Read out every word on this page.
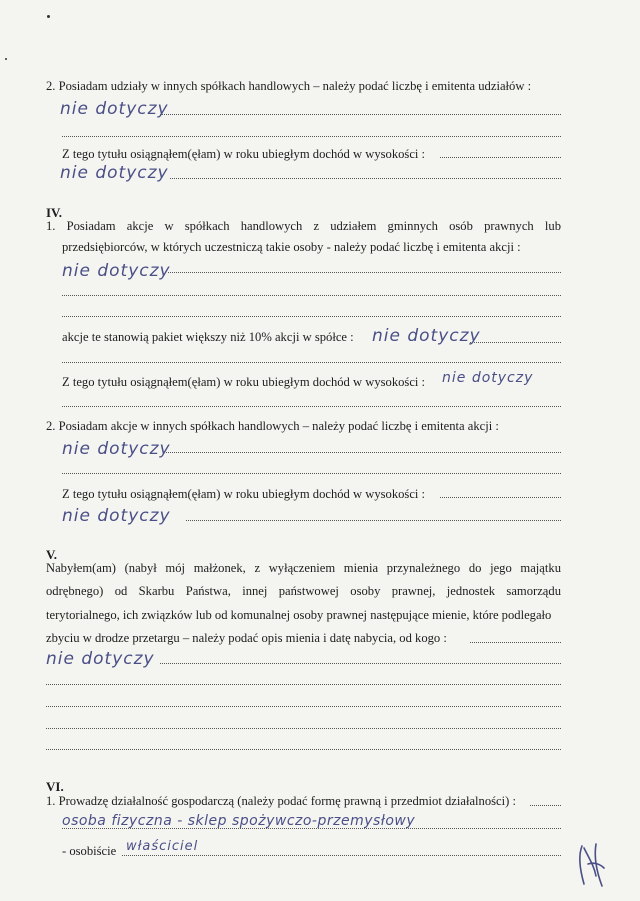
2. Posiadam udziały w innych spółkach handlowych – należy podać liczbę i emitenta udziałów :
nie dotyczy
Z tego tytułu osiągnąłem(ęłam) w roku ubiegłym dochód w wysokości :
nie dotyczy
IV.
1. Posiadam akcje w spółkach handlowych z udziałem gminnych osób prawnych lub
przedsiębiorców, w których uczestniczą takie osoby - należy podać liczbę i emitenta akcji :
nie dotyczy
akcje te stanowią pakiet większy niż 10% akcji w spółce : nie dotyczy
Z tego tytułu osiągnąłem(ęłam) w roku ubiegłym dochód w wysokości : nie dotyczy
2. Posiadam akcje w innych spółkach handlowych – należy podać liczbę i emitenta akcji :
nie dotyczy
Z tego tytułu osiągnąłem(ęłam) w roku ubiegłym dochód w wysokości :
nie dotyczy
V.
Nabyłem(am) (nabył mój małżonek, z wyłączeniem mienia przynależnego do jego majątku
odrębnego) od Skarbu Państwa, innej państwowej osoby prawnej, jednostek samorządu
terytorialnego, ich związków lub od komunalnej osoby prawnej następujące mienie, które podlegało
zbyciu w drodze przetargu – należy podać opis mienia i datę nabycia, od kogo :
nie dotyczy
VI.
1. Prowadzę działalność gospodarczą (należy podać formę prawną i przedmiot działalności) :
osoba fizyczna - sklep spożywczo-przemysłowy
- osobiście właściciel
